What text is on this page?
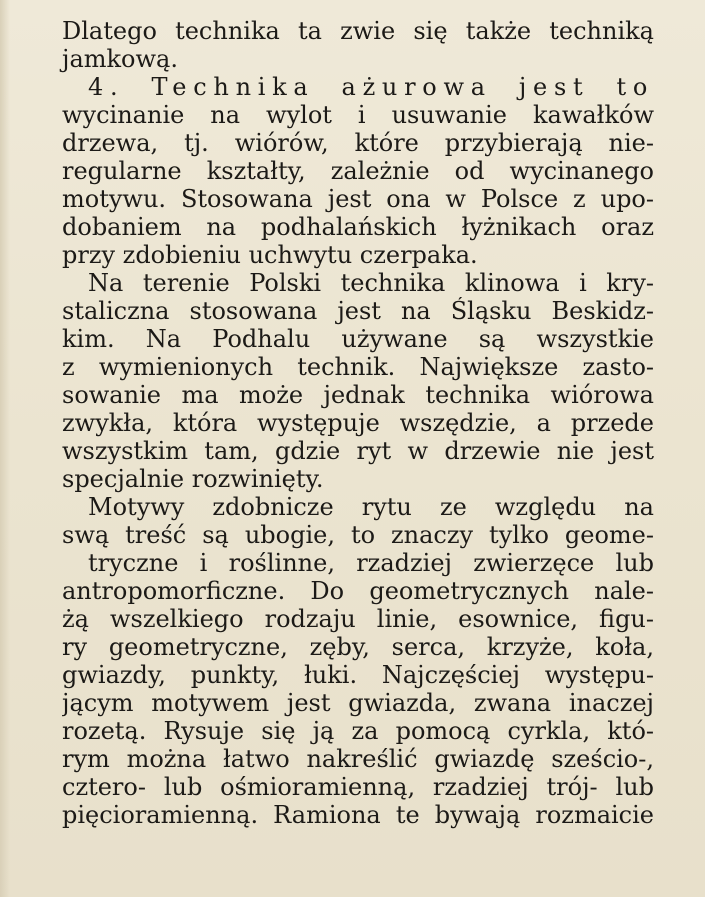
Dlatego technika ta zwie się także techniką
jamkową.
4. Technika ażurowa jest to
wycinanie na wylot i usuwanie kawałków
drzewa, tj. wiórów, które przybierają nie-
regularne kształty, zależnie od wycinanego
motywu. Stosowana jest ona w Polsce z upo-
dobaniem na podhalańskich łyżnikach oraz
przy zdobieniu uchwytu czerpaka.
Na terenie Polski technika klinowa i kry-
staliczna stosowana jest na Śląsku Beskidz-
kim. Na Podhalu używane są wszystkie
z wymienionych technik. Największe zasto-
sowanie ma może jednak technika wiórowa
zwykła, która występuje wszędzie, a przede
wszystkim tam, gdzie ryt w drzewie nie jest
specjalnie rozwinięty.
Motywy zdobnicze rytu ze względu na
swą treść są ubogie, to znaczy tylko geome-
tryczne i roślinne, rzadziej zwierzęce lub
antropomorficzne. Do geometrycznych nale-
żą wszelkiego rodzaju linie, esownice, figu-
ry geometryczne, zęby, serca, krzyże, koła,
gwiazdy, punkty, łuki. Najczęściej występu-
jącym motywem jest gwiazda, zwana inaczej
rozetą. Rysuje się ją za pomocą cyrkla, któ-
rym można łatwo nakreślić gwiazdę sześcio-,
cztero- lub ośmioramienną, rzadziej trój- lub
pięcioramienną. Ramiona te bywają rozmaicie
